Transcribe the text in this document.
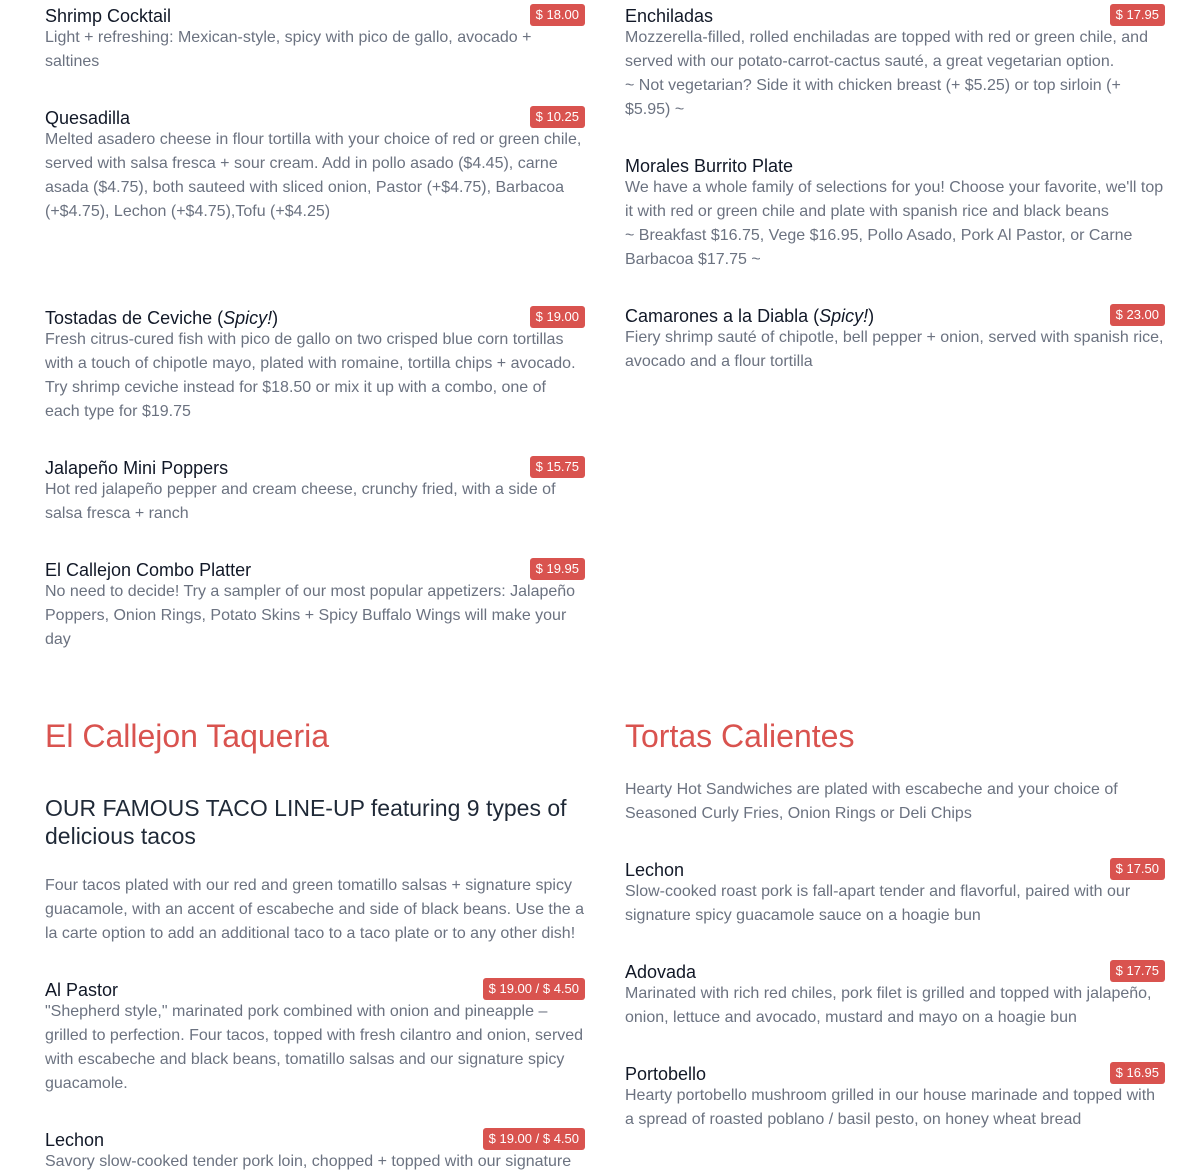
Shrimp Cocktail	$ 18.00

Light + refreshing: Mexican-style, spicy with pico de gallo, avocado + saltines

Quesadilla	$ 10.25

Melted asadero cheese in flour tortilla with your choice of red or green chile, served with salsa fresca + sour cream. Add in pollo asado ($4.45), carne asada ($4.75), both sauteed with sliced onion, Pastor (+$4.75), Barbacoa (+$4.75), Lechon (+$4.75),Tofu (+$4.25)

Tostadas de Ceviche (Spicy!)	$ 19.00

Fresh citrus-cured fish with pico de gallo on two crisped blue corn tortillas with a touch of chipotle mayo, plated with romaine, tortilla chips + avocado. Try shrimp ceviche instead for $18.50 or mix it up with a combo, one of each type for $19.75

Jalapeño Mini Poppers	$ 15.75

Hot red jalapeño pepper and cream cheese, crunchy fried, with a side of salsa fresca + ranch

El Callejon Combo Platter	$ 19.95

No need to decide! Try a sampler of our most popular appetizers: Jalapeño Poppers, Onion Rings, Potato Skins + Spicy Buffalo Wings will make your day

El Callejon Taqueria
OUR FAMOUS TACO LINE-UP featuring 9 types of delicious tacos

Four tacos plated with our red and green tomatillo salsas + signature spicy guacamole, with an accent of escabeche and side of black beans. Use the a la carte option to add an additional taco to a taco plate or to any other dish!

Al Pastor	$ 19.00 / $ 4.50

"Shepherd style," marinated pork combined with onion and pineapple – grilled to perfection. Four tacos, topped with fresh cilantro and onion, served with escabeche and black beans, tomatillo salsas and our signature spicy guacamole.

Lechon	$ 19.00 / $ 4.50

Savory slow-cooked tender pork loin, chopped + topped with our signature

Enchiladas	$ 17.95

Mozzerella-filled, rolled enchiladas are topped with red or green chile, and served with our potato-carrot-cactus sauté, a great vegetarian option.

~ Not vegetarian? Side it with chicken breast (+ $5.25) or top sirloin (+ $5.95) ~

Morales Burrito Plate

We have a whole family of selections for you! Choose your favorite, we'll top it with red or green chile and plate with spanish rice and black beans

~ Breakfast $16.75, Vege $16.95, Pollo Asado, Pork Al Pastor, or Carne Barbacoa $17.75 ~

Camarones a la Diabla (Spicy!)	$ 23.00

Fiery shrimp sauté of chipotle, bell pepper + onion, served with spanish rice, avocado and a flour tortilla

Tortas Calientes

Hearty Hot Sandwiches are plated with escabeche and your choice of Seasoned Curly Fries, Onion Rings or Deli Chips

Lechon	$ 17.50

Slow-cooked roast pork is fall-apart tender and flavorful, paired with our signature spicy guacamole sauce on a hoagie bun

Adovada	$ 17.75

Marinated with rich red chiles, pork filet is grilled and topped with jalapeño, onion, lettuce and avocado, mustard and mayo on a hoagie bun

Portobello	$ 16.95

Hearty portobello mushroom grilled in our house marinade and topped with a spread of roasted poblano / basil pesto, on honey wheat bread
